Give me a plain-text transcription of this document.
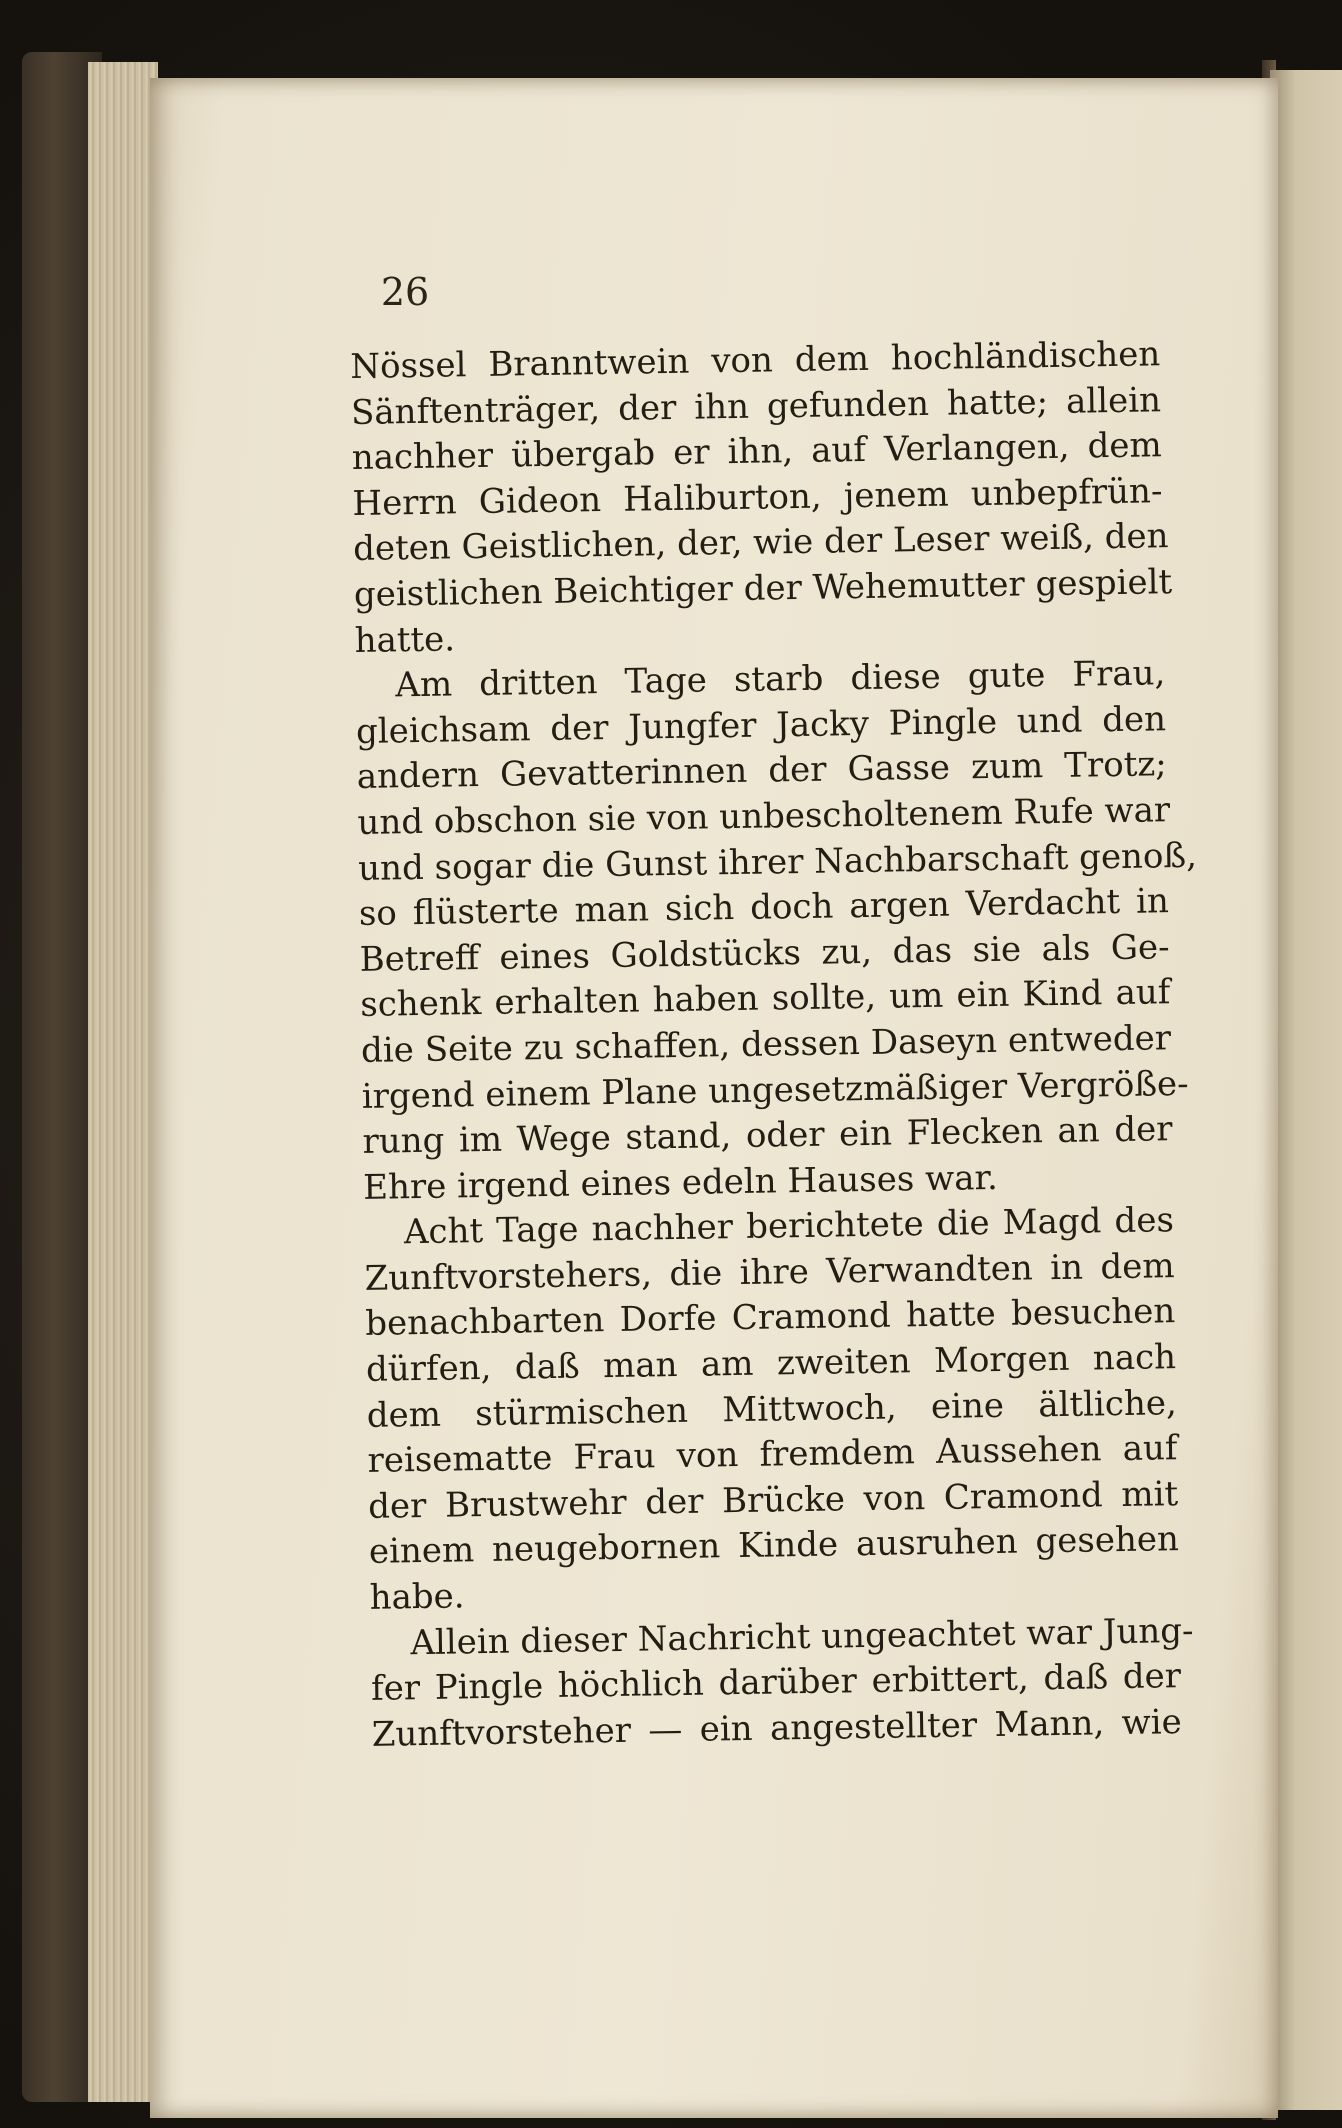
26
Nössel Branntwein von dem hochländischen
Sänftenträger, der ihn gefunden hatte; allein
nachher übergab er ihn, auf Verlangen, dem
Herrn Gideon Haliburton, jenem unbepfrün-
deten Geistlichen, der, wie der Leser weiß, den
geistlichen Beichtiger der Wehemutter gespielt
hatte.
Am dritten Tage starb diese gute Frau,
gleichsam der Jungfer Jacky Pingle und den
andern Gevatterinnen der Gasse zum Trotz;
und obschon sie von unbescholtenem Rufe war
und sogar die Gunst ihrer Nachbarschaft genoß,
so flüsterte man sich doch argen Verdacht in
Betreff eines Goldstücks zu, das sie als Ge-
schenk erhalten haben sollte, um ein Kind auf
die Seite zu schaffen, dessen Daseyn entweder
irgend einem Plane ungesetzmäßiger Vergröße-
rung im Wege stand, oder ein Flecken an der
Ehre irgend eines edeln Hauses war.
Acht Tage nachher berichtete die Magd des
Zunftvorstehers, die ihre Verwandten in dem
benachbarten Dorfe Cramond hatte besuchen
dürfen, daß man am zweiten Morgen nach
dem stürmischen Mittwoch, eine ältliche,
reisematte Frau von fremdem Aussehen auf
der Brustwehr der Brücke von Cramond mit
einem neugebornen Kinde ausruhen gesehen
habe.
Allein dieser Nachricht ungeachtet war Jung-
fer Pingle höchlich darüber erbittert, daß der
Zunftvorsteher — ein angestellter Mann, wie
